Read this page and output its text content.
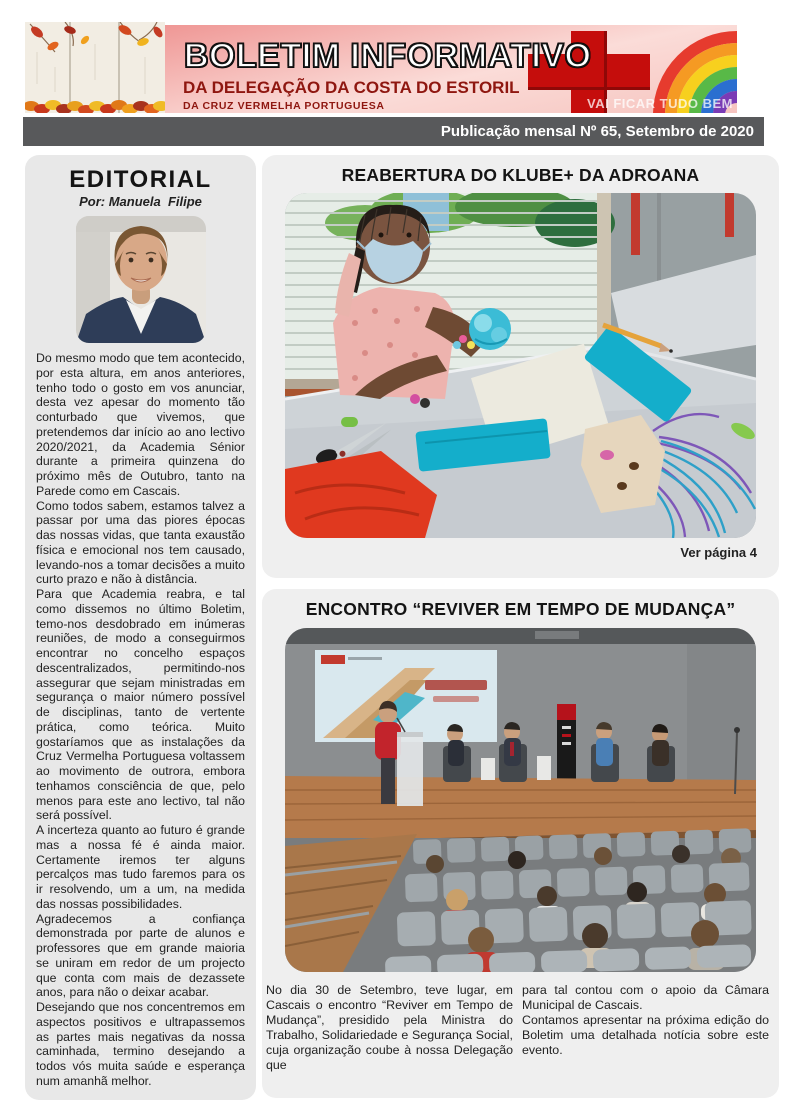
BOLETIM INFORMATIVO
DA DELEGAÇÃO DA COSTA DO ESTORIL
DA CRUZ VERMELHA PORTUGUESA	VAI FICAR TUDO BEM
Publicação mensal Nº 65, Setembro de 2020
EDITORIAL
Por: Manuela  Filipe

Do mesmo modo que tem acontecido, por esta altura, em anos anteriores, tenho todo o gosto em vos anunciar, desta vez apesar do momento tão conturbado que vivemos, que pretendemos dar início ao ano lectivo 2020/2021, da Academia Sénior durante a primeira quinzena do próximo mês de Outubro, tanto na Parede como em Cascais.

Como todos sabem, estamos talvez a passar por uma das piores épocas das nossas vidas, que tanta exaustão física e emocional nos tem causado, levando-nos a tomar decisões a muito curto prazo e não à distância.

Para que Academia reabra, e tal como dissemos no último Boletim, temo-nos desdobrado em inúmeras reuniões, de modo a conseguirmos encontrar no concelho espaços descentralizados, permitindo-nos assegurar que sejam ministradas em segurança o maior número possível de disciplinas, tanto de vertente prática, como teórica. Muito gostaríamos que as instalações da Cruz Vermelha Portuguesa voltassem ao movimento de outrora, embora tenhamos consciência de que, pelo menos para este ano lectivo, tal não será possível.

A incerteza quanto ao futuro é grande mas a nossa fé é ainda maior. Certamente iremos ter alguns percalços mas tudo faremos para os ir resolvendo, um a um, na medida das nossas possibilidades.

Agradecemos a confiança demonstrada por parte de alunos e professores que em grande maioria se uniram em redor de um projecto que conta com mais de dezassete anos, para não o deixar acabar.

Desejando que nos concentremos em aspectos positivos e ultrapassemos as partes mais negativas da nossa caminhada, termino desejando a todos vós muita saúde e esperança num amanhã melhor.

REABERTURA DO KLUBE+ DA ADROANA
Ver página 4
ENCONTRO “REVIVER EM TEMPO DE MUDANÇA”

No dia 30 de Setembro, teve lugar, em Cascais o encontro “Reviver em Tempo de Mudança”, presidido pela Ministra do Trabalho, Solidariedade e Segurança Social, cuja organização coube à nossa Delegação que

para tal contou com o apoio da Câmara Municipal de Cascais.

Contamos apresentar na próxima edição do Boletim uma detalhada notícia sobre este evento.
